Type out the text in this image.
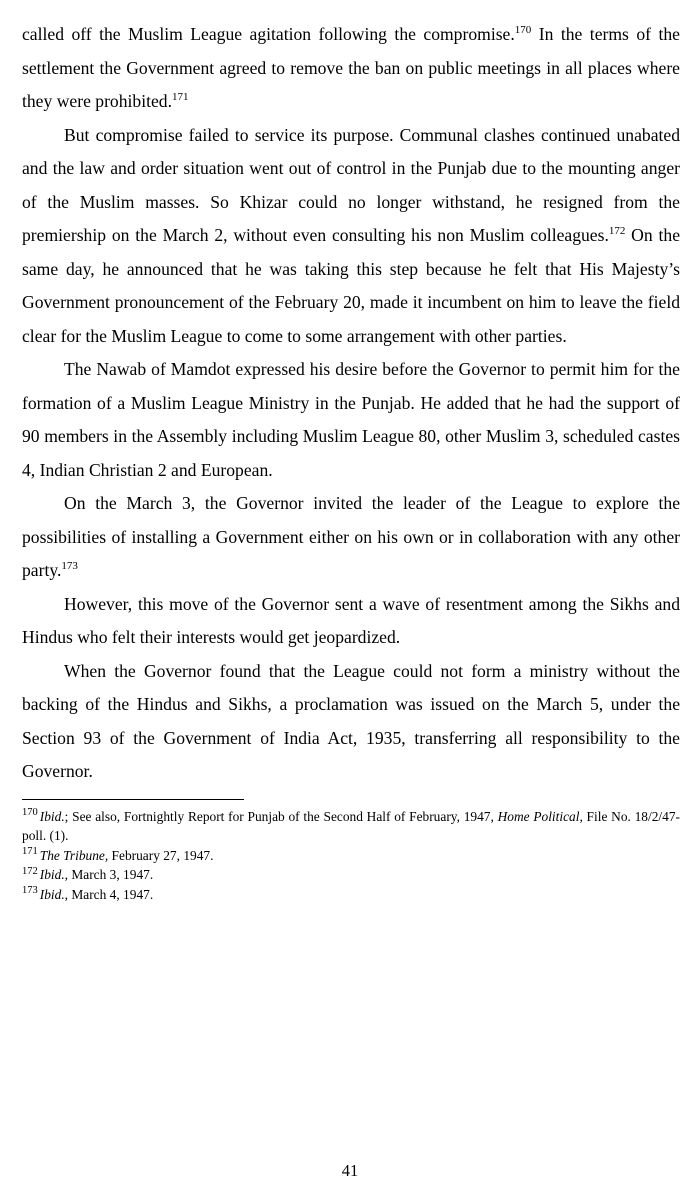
called off the Muslim League agitation following the compromise.$^{170}$ In the terms of the settlement the Government agreed to remove the ban on public meetings in all places where they were prohibited.$^{171}$

But compromise failed to service its purpose. Communal clashes continued unabated and the law and order situation went out of control in the Punjab due to the mounting anger of the Muslim masses. So Khizar could no longer withstand, he resigned from the premiership on the March 2, without even consulting his non Muslim colleagues.$^{172}$ On the same day, he announced that he was taking this step because he felt that His Majesty’s Government pronouncement of the February 20, made it incumbent on him to leave the field clear for the Muslim League to come to some arrangement with other parties.

The Nawab of Mamdot expressed his desire before the Governor to permit him for the formation of a Muslim League Ministry in the Punjab. He added that he had the support of 90 members in the Assembly including Muslim League 80, other Muslim 3, scheduled castes 4, Indian Christian 2 and European.

On the March 3, the Governor invited the leader of the League to explore the possibilities of installing a Government either on his own or in collaboration with any other party.$^{173}$

However, this move of the Governor sent a wave of resentment among the Sikhs and Hindus who felt their interests would get jeopardized.

When the Governor found that the League could not form a ministry without the backing of the Hindus and Sikhs, a proclamation was issued on the March 5, under the Section 93 of the Government of India Act, 1935, transferring all responsibility to the Governor.

$^{170}$ Ibid.; See also, Fortnightly Report for Punjab of the Second Half of February, 1947, Home Political, File No. 18/2/47-poll. (1).

$^{171}$ The Tribune, February 27, 1947.

$^{172}$ Ibid., March 3, 1947.

$^{173}$ Ibid., March 4, 1947.

41
